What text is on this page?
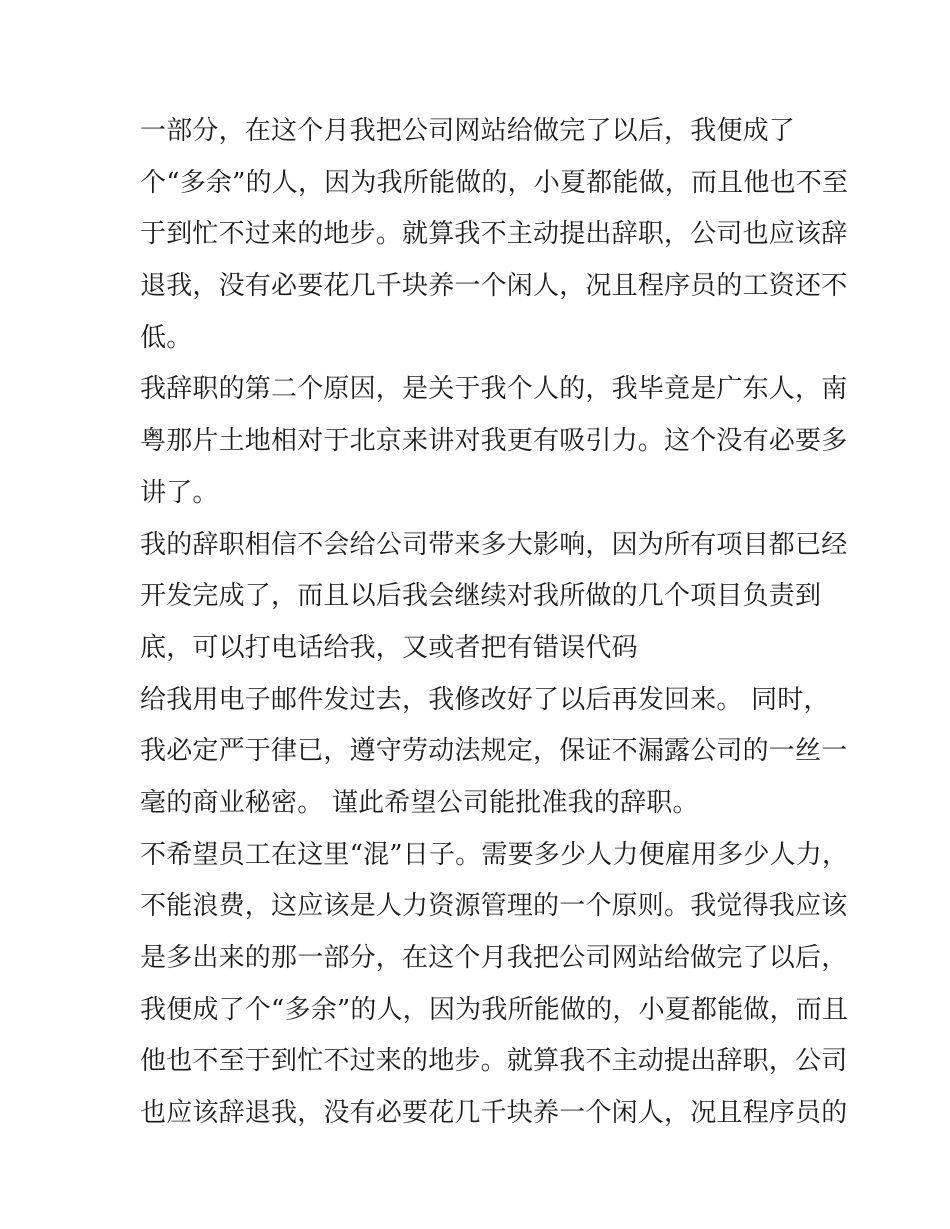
一部分，在这个月我把公司网站给做完了以后，我便成了
个“多余”的人，因为我所能做的，小夏都能做，而且他也不至
于到忙不过来的地步。就算我不主动提出辞职，公司也应该辞
退我，没有必要花几千块养一个闲人，况且程序员的工资还不
低。
我辞职的第二个原因，是关于我个人的，我毕竟是广东人，南
粤那片土地相对于北京来讲对我更有吸引力。这个没有必要多
讲了。
我的辞职相信不会给公司带来多大影响，因为所有项目都已经
开发完成了，而且以后我会继续对我所做的几个项目负责到
底，可以打电话给我，又或者把有错误代码
给我用电子邮件发过去，我修改好了以后再发回来。 同时，
我必定严于律已，遵守劳动法规定，保证不漏露公司的一丝一
毫的商业秘密。 谨此希望公司能批准我的辞职。
不希望员工在这里“混”日子。需要多少人力便雇用多少人力，
不能浪费，这应该是人力资源管理的一个原则。我觉得我应该
是多出来的那一部分，在这个月我把公司网站给做完了以后，
我便成了个“多余”的人，因为我所能做的，小夏都能做，而且
他也不至于到忙不过来的地步。就算我不主动提出辞职，公司
也应该辞退我，没有必要花几千块养一个闲人，况且程序员的
